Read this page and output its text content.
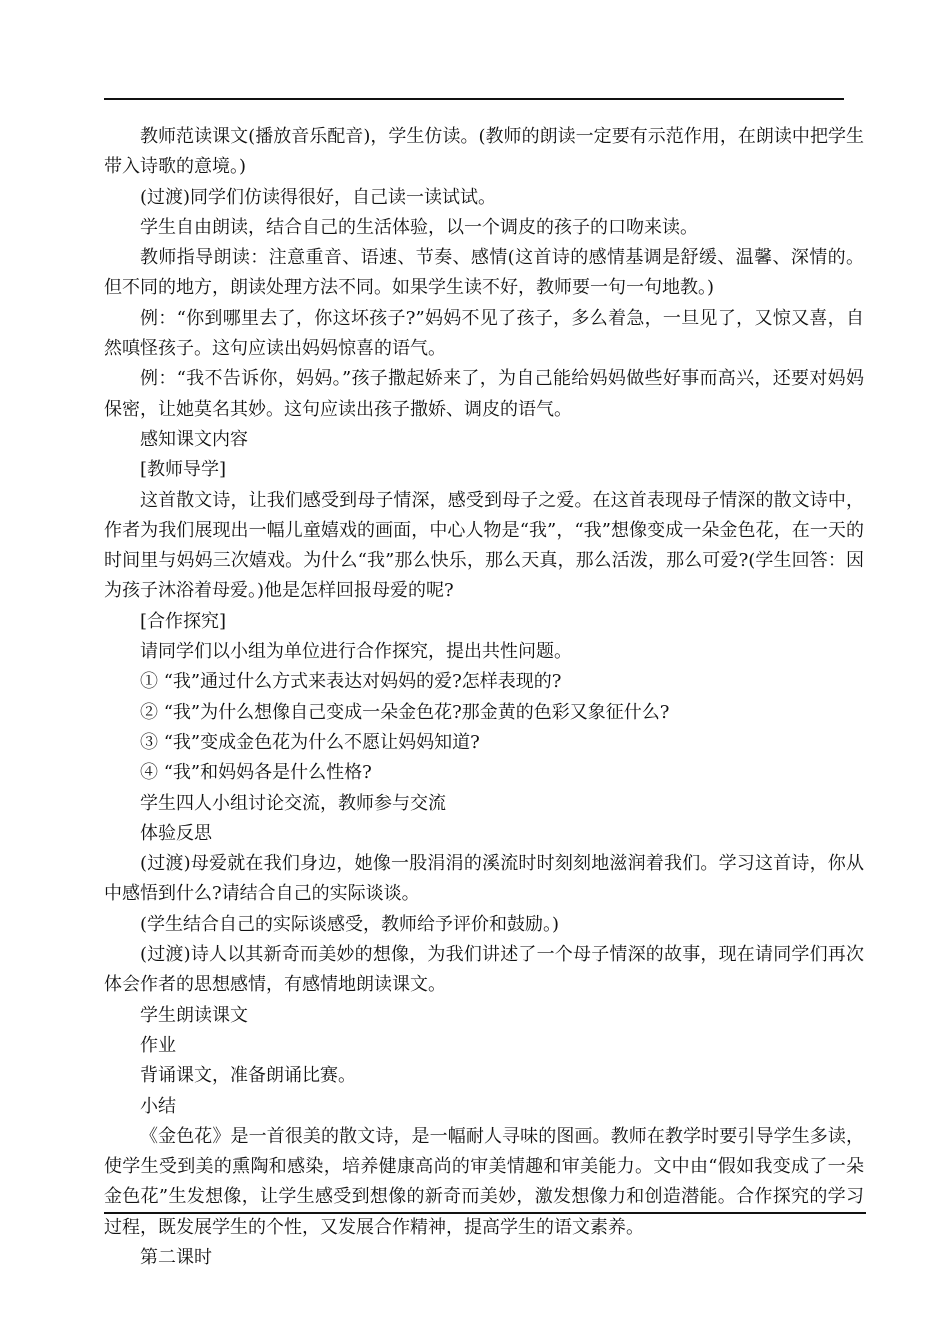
教师范读课文(播放音乐配音)，学生仿读。(教师的朗读一定要有示范作用，在朗读中把学生带入诗歌的意境。)

(过渡)同学们仿读得很好，自己读一读试试。

学生自由朗读，结合自己的生活体验，以一个调皮的孩子的口吻来读。

教师指导朗读：注意重音、语速、节奏、感情(这首诗的感情基调是舒缓、温馨、深情的。但不同的地方，朗读处理方法不同。如果学生读不好，教师要一句一句地教。)

例：“你到哪里去了，你这坏孩子?”妈妈不见了孩子，多么着急，一旦见了，又惊又喜，自然嗔怪孩子。这句应读出妈妈惊喜的语气。

例：“我不告诉你，妈妈。”孩子撒起娇来了，为自己能给妈妈做些好事而高兴，还要对妈妈保密，让她莫名其妙。这句应读出孩子撒娇、调皮的语气。

感知课文内容

[教师导学]

这首散文诗，让我们感受到母子情深，感受到母子之爱。在这首表现母子情深的散文诗中，作者为我们展现出一幅儿童嬉戏的画面，中心人物是“我”，“我”想像变成一朵金色花，在一天的时间里与妈妈三次嬉戏。为什么“我”那么快乐，那么天真，那么活泼，那么可爱?(学生回答：因为孩子沐浴着母爱。)他是怎样回报母爱的呢?

[合作探究]

请同学们以小组为单位进行合作探究，提出共性问题。

① “我”通过什么方式来表达对妈妈的爱?怎样表现的?

② “我”为什么想像自己变成一朵金色花?那金黄的色彩又象征什么?

③ “我”变成金色花为什么不愿让妈妈知道?

④ “我”和妈妈各是什么性格?

学生四人小组讨论交流，教师参与交流

体验反思

(过渡)母爱就在我们身边，她像一股涓涓的溪流时时刻刻地滋润着我们。学习这首诗，你从中感悟到什么?请结合自己的实际谈谈。

(学生结合自己的实际谈感受，教师给予评价和鼓励。)

(过渡)诗人以其新奇而美妙的想像，为我们讲述了一个母子情深的故事，现在请同学们再次体会作者的思想感情，有感情地朗读课文。

学生朗读课文

作业

背诵课文，准备朗诵比赛。

小结

《金色花》是一首很美的散文诗，是一幅耐人寻味的图画。教师在教学时要引导学生多读，使学生受到美的熏陶和感染，培养健康高尚的审美情趣和审美能力。文中由“假如我变成了一朵金色花”生发想像，让学生感受到想像的新奇而美妙，激发想像力和创造潜能。合作探究的学习过程，既发展学生的个性，又发展合作精神，提高学生的语文素养。

第二课时
